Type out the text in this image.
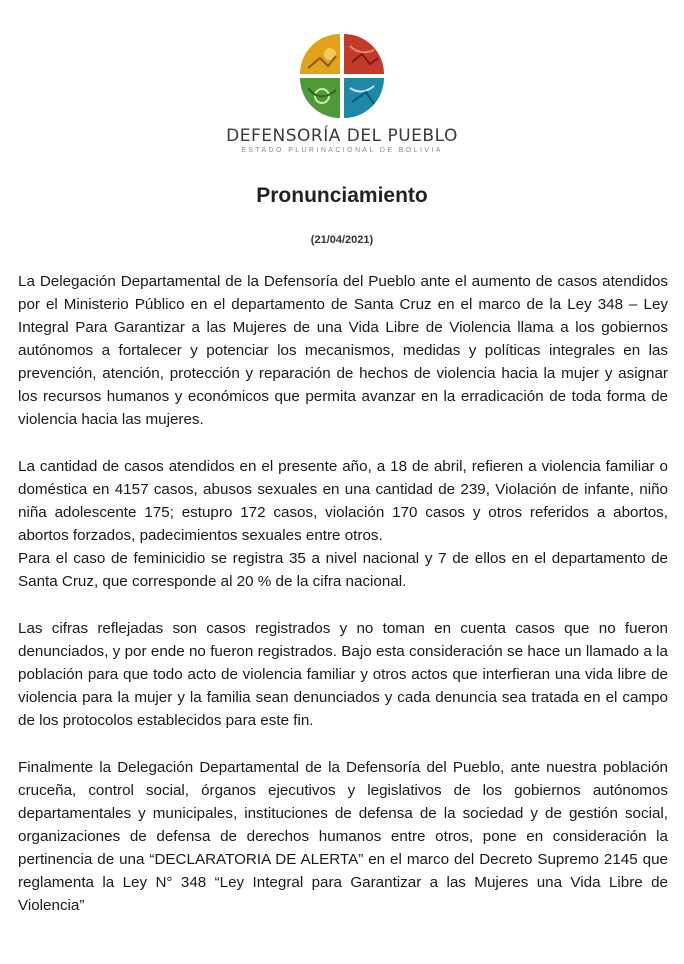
DEFENSORÍA DEL PUEBLO
ESTADO PLURINACIONAL DE BOLIVIA
Pronunciamiento
(21/04/2021)

La Delegación Departamental de la Defensoría del Pueblo ante el aumento de casos atendidos por el Ministerio Público en el departamento de Santa Cruz en el marco de la Ley 348 – Ley Integral Para Garantizar a las Mujeres de una Vida Libre de Violencia llama a los gobiernos autónomos a fortalecer y potenciar los mecanismos, medidas y políticas integrales en las prevención, atención, protección y reparación de hechos de violencia hacia la mujer y asignar los recursos humanos y económicos que permita avanzar en la erradicación de toda forma de violencia hacia las mujeres.

La cantidad de casos atendidos en el presente año, a 18 de abril, refieren a violencia familiar o doméstica en 4157 casos, abusos sexuales en una cantidad de 239, Violación de infante, niño niña adolescente 175; estupro 172 casos, violación 170 casos y otros referidos a abortos, abortos forzados, padecimientos sexuales entre otros.

Para el caso de feminicidio se registra 35 a nivel nacional y 7 de ellos en el departamento de Santa Cruz, que corresponde al 20 % de la cifra nacional.

Las cifras reflejadas son casos registrados y no toman en cuenta casos que no fueron denunciados, y por ende no fueron registrados. Bajo esta consideración se hace un llamado a la población para que todo acto de violencia familiar y otros actos que interfieran una vida libre de violencia para la mujer y la familia sean denunciados y cada denuncia sea tratada en el campo de los protocolos establecidos para este fin.

Finalmente la Delegación Departamental de la Defensoría del Pueblo, ante nuestra población cruceña, control social, órganos ejecutivos y legislativos de los gobiernos autónomos departamentales y municipales, instituciones de defensa de la sociedad y de gestión social, organizaciones de defensa de derechos humanos entre otros, pone en consideración la pertinencia de una “DECLARATORIA DE ALERTA” en el marco del Decreto Supremo 2145 que reglamenta la Ley N° 348 “Ley Integral para Garantizar a las Mujeres una Vida Libre de Violencia”
